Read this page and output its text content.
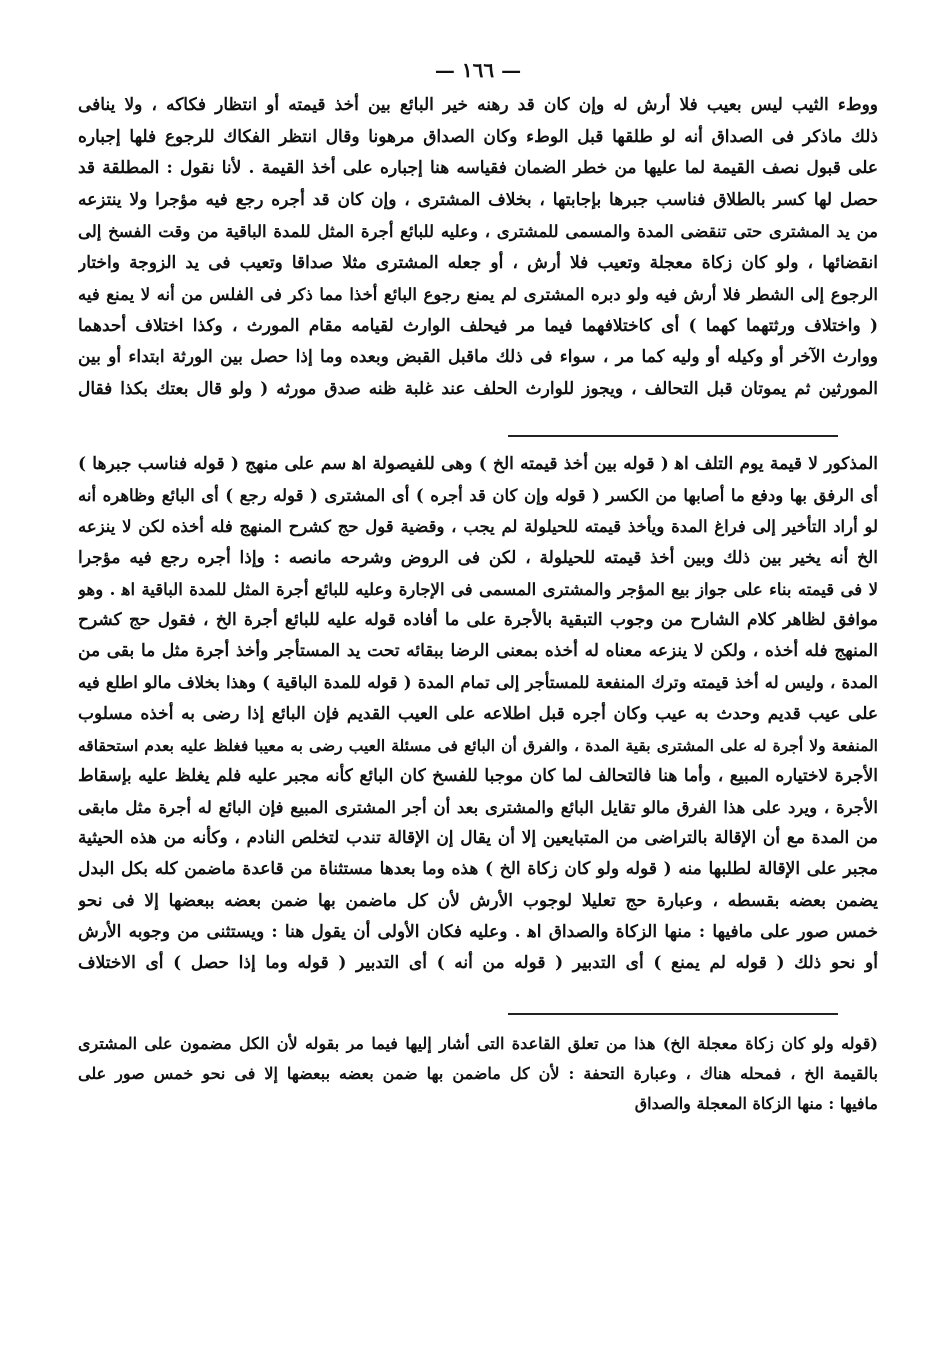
— ١٦٦ —
ووطء الثيب ليس بعيب فلا أرش له وإن كان قد رهنه خير البائع بين أخذ قيمته أو انتظار فكاكه ، ولا ينافى
ذلك ماذكر فى الصداق أنه لو طلقها قبل الوطء وكان الصداق مرهونا وقال انتظر الفكاك للرجوع فلها إجباره
على قبول نصف القيمة لما عليها من خطر الضمان فقياسه هنا إجباره على أخذ القيمة . لأنا نقول : المطلقة قد
حصل لها كسر بالطلاق فناسب جبرها بإجابتها ، بخلاف المشترى ، وإن كان قد أجره رجع فيه مؤجرا ولا ينتزعه
من يد المشترى حتى تنقضى المدة والمسمى للمشترى ، وعليه للبائع أجرة المثل للمدة الباقية من وقت الفسخ إلى
انقضائها ، ولو كان زكاة معجلة وتعيب فلا أرش ، أو جعله المشترى مثلا صداقا وتعيب فى يد الزوجة واختار
الرجوع إلى الشطر فلا أرش فيه ولو دبره المشترى لم يمنع رجوع البائع أخذا مما ذكر فى الفلس من أنه لا يمنع فيه
( واختلاف ورثتهما كهما ) أى كاختلافهما فيما مر فيحلف الوارث لقيامه مقام المورث ، وكذا اختلاف أحدهما
ووارث الآخر أو وكيله أو وليه كما مر ، سواء فى ذلك ماقبل القبض وبعده وما إذا حصل بين الورثة ابتداء أو بين
المورثين ثم يموتان قبل التحالف ، ويجوز للوارث الحلف عند غلبة ظنه صدق مورثه ( ولو قال بعتك بكذا فقال
المذكور لا قيمة يوم التلف اه‍ ( قوله بين أخذ قيمته الخ ) وهى للفيصولة اه‍ سم على منهج ( قوله فناسب جبرها )
أى الرفق بها ودفع ما أصابها من الكسر ( قوله وإن كان قد أجره ) أى المشترى ( قوله رجع ) أى البائع وظاهره أنه
لو أراد التأخير إلى فراغ المدة ويأخذ قيمته للحيلولة لم يجب ، وقضية قول حج كشرح المنهج فله أخذه لكن لا ينزعه
الخ أنه يخير بين ذلك وبين أخذ قيمته للحيلولة ، لكن فى الروض وشرحه مانصه : وإذا أجره رجع فيه مؤجرا
لا فى قيمته بناء على جواز بيع المؤجر والمشترى المسمى فى الإجارة وعليه للبائع أجرة المثل للمدة الباقية اه‍ . وهو
موافق لظاهر كلام الشارح من وجوب التبقية بالأجرة على ما أفاده قوله عليه للبائع أجرة الخ ، فقول حج كشرح
المنهج فله أخذه ، ولكن لا ينزعه معناه له أخذه بمعنى الرضا ببقائه تحت يد المستأجر وأخذ أجرة مثل ما بقى من
المدة ، وليس له أخذ قيمته وترك المنفعة للمستأجر إلى تمام المدة ( قوله للمدة الباقية ) وهذا بخلاف مالو اطلع فيه
على عيب قديم وحدث به عيب وكان أجره قبل اطلاعه على العيب القديم فإن البائع إذا رضى به أخذه مسلوب
المنفعة ولا أجرة له على المشترى بقية المدة ، والفرق أن البائع فى مسئلة العيب رضى به معيبا فغلظ عليه بعدم استحقاقه
الأجرة لاختياره المبيع ، وأما هنا فالتحالف لما كان موجبا للفسخ كان البائع كأنه مجبر عليه فلم يغلظ عليه بإسقاط
الأجرة ، ويرد على هذا الفرق مالو تقايل البائع والمشترى بعد أن أجر المشترى المبيع فإن البائع له أجرة مثل مابقى
من المدة مع أن الإقالة بالتراضى من المتبايعين إلا أن يقال إن الإقالة تندب لتخلص النادم ، وكأنه من هذه الحيثية
مجبر على الإقالة لطلبها منه ( قوله ولو كان زكاة الخ ) هذه وما بعدها مستثناة من قاعدة ماضمن كله بكل البدل
يضمن بعضه بقسطه ، وعبارة حج تعليلا لوجوب الأرش لأن كل ماضمن بها ضمن بعضه ببعضها إلا فى نحو
خمس صور على مافيها : منها الزكاة والصداق اه‍ . وعليه فكان الأولى أن يقول هنا : ويستثنى من وجوبه الأرش
أو نحو ذلك ( قوله لم يمنع ) أى التدبير ( قوله من أنه ) أى التدبير ( قوله وما إذا حصل ) أى الاختلاف
(قوله ولو كان زكاة معجلة الخ) هذا من تعلق القاعدة التى أشار إليها فيما مر بقوله لأن الكل مضمون على المشترى
بالقيمة الخ ، فمحله هناك ، وعبارة التحفة : لأن كل ماضمن بها ضمن بعضه ببعضها إلا فى نحو خمس صور على
مافيها : منها الزكاة المعجلة والصداق
